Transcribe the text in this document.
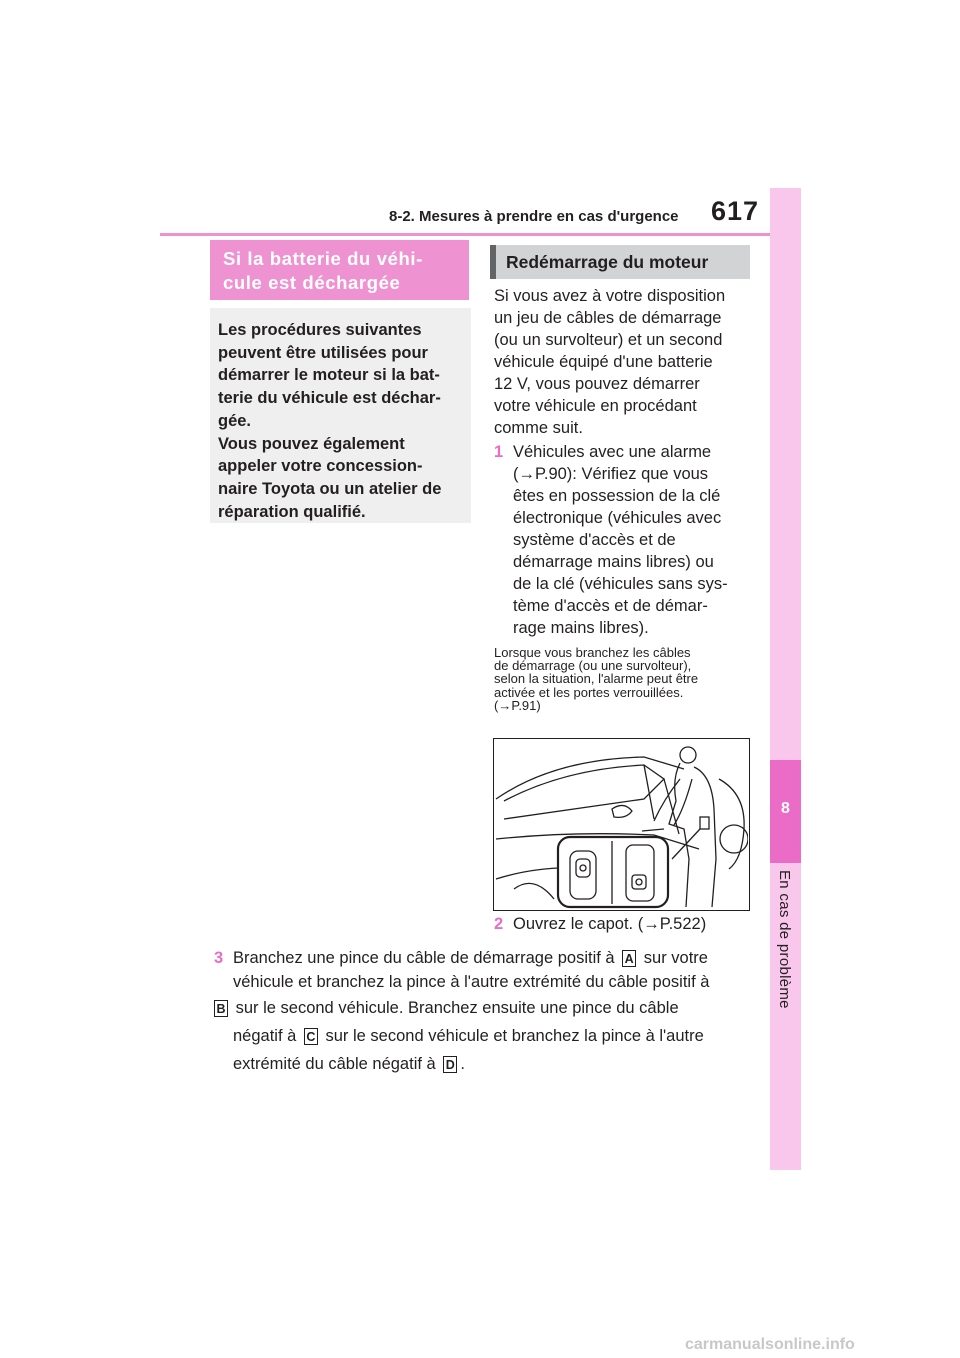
8-2. Mesures à prendre en cas d'urgence 617
8
En cas de problème
Si la batterie du véhi-
cule est déchargée
Les procédures suivantes
peuvent être utilisées pour
démarrer le moteur si la bat-
terie du véhicule est déchar-
gée.
Vous pouvez également
appeler votre concession-
naire Toyota ou un atelier de
réparation qualifié.
Redémarrage du moteur
Si vous avez à votre disposition
un jeu de câbles de démarrage
(ou un survolteur) et un second
véhicule équipé d'une batterie
12 V, vous pouvez démarrer
votre véhicule en procédant
comme suit.
1 Véhicules avec une alarme
(→P.90): Vérifiez que vous
êtes en possession de la clé
électronique (véhicules avec
système d'accès et de
démarrage mains libres) ou
de la clé (véhicules sans sys-
tème d'accès et de démar-
rage mains libres).
Lorsque vous branchez les câbles
de démarrage (ou une survolteur),
selon la situation, l'alarme peut être
activée et les portes verrouillées.
(→P.91)
2 Ouvrez le capot. (→P.522)
3 Branchez une pince du câble de démarrage positif à A sur votre
véhicule et branchez la pince à l'autre extrémité du câble positif à
B sur le second véhicule. Branchez ensuite une pince du câble
négatif à C sur le second véhicule et branchez la pince à l'autre
extrémité du câble négatif à D .
carmanualsonline.info
